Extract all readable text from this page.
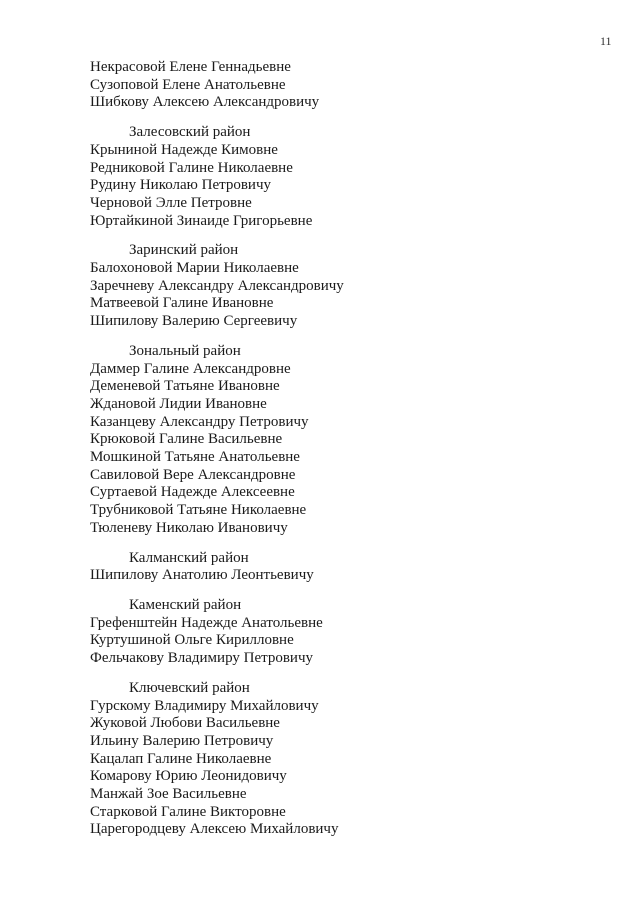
11
Некрасовой Елене Геннадьевне
Сузоповой Елене Анатольевне
Шибкову Алексею Александровичу
Залесовский район
Крыниной Надежде Кимовне
Редниковой Галине Николаевне
Рудину Николаю Петровичу
Черновой Элле Петровне
Юртайкиной Зинаиде Григорьевне
Заринский район
Балохоновой Марии Николаевне
Заречневу Александру Александровичу
Матвеевой Галине Ивановне
Шипилову Валерию Сергеевичу
Зональный район
Даммер Галине Александровне
Деменевой Татьяне Ивановне
Ждановой Лидии Ивановне
Казанцеву Александру Петровичу
Крюковой Галине Васильевне
Мошкиной Татьяне Анатольевне
Савиловой Вере Александровне
Суртаевой Надежде Алексеевне
Трубниковой Татьяне Николаевне
Тюленеву Николаю Ивановичу
Калманский район
Шипилову Анатолию Леонтьевичу
Каменский район
Грефенштейн Надежде Анатольевне
Куртушиной Ольге Кирилловне
Фельчакову Владимиру Петровичу
Ключевский район
Гурскому Владимиру Михайловичу
Жуковой Любови Васильевне
Ильину Валерию Петровичу
Кацалап Галине Николаевне
Комарову Юрию Леонидовичу
Манжай Зое Васильевне
Старковой Галине Викторовне
Царегородцеву Алексею Михайловичу
